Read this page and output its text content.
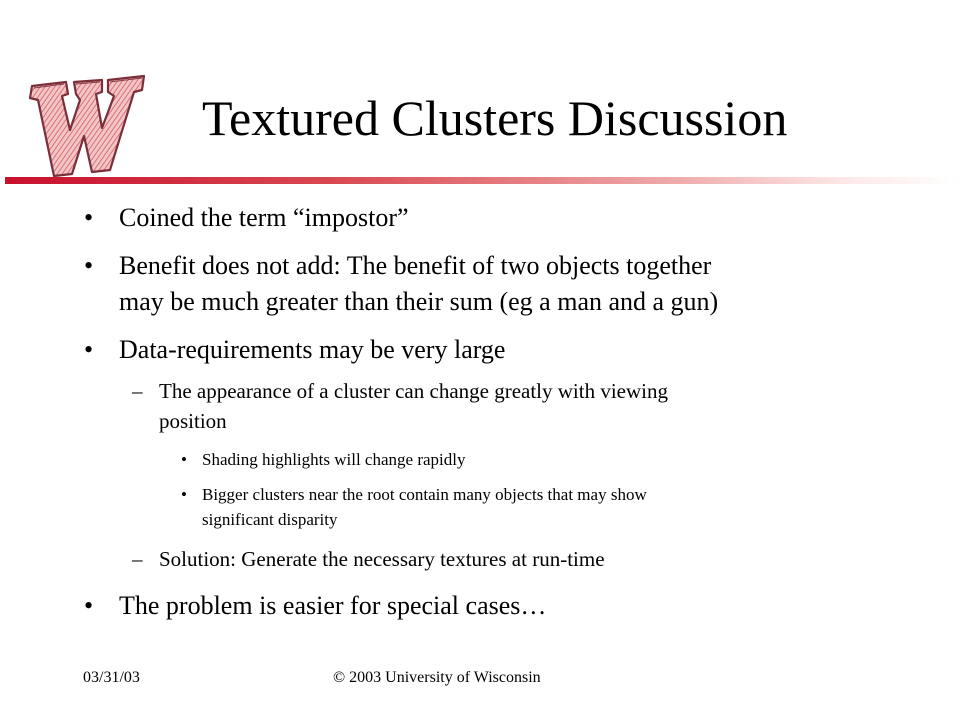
Textured Clusters Discussion
• Coined the term “impostor”
• Benefit does not add: The benefit of two objects together
may be much greater than their sum (eg a man and a gun)
• Data-requirements may be very large
– The appearance of a cluster can change greatly with viewing
position
• Shading highlights will change rapidly
• Bigger clusters near the root contain many objects that may show
significant disparity
– Solution: Generate the necessary textures at run-time
• The problem is easier for special cases…
03/31/03	© 2003 University of Wisconsin
